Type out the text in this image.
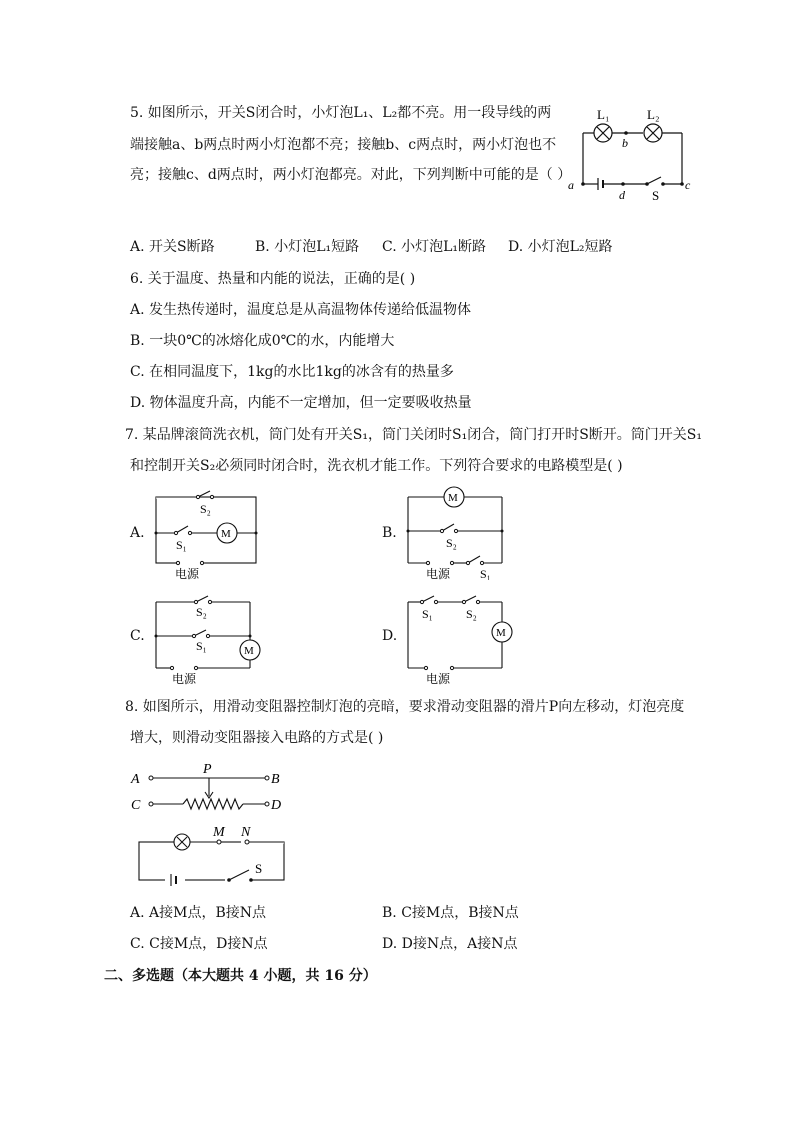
5. 如图所示，开关S闭合时，小灯泡L₁、L₂都不亮。用一段导线的两
端接触a、b两点时两小灯泡都不亮；接触b、c两点时，两小灯泡也不
亮；接触c、d两点时，两小灯泡都亮。对此，下列判断中可能的是（ ）
L₁	L₂
b
a
d S
c
A. 开关S断路	B. 小灯泡L₁短路 C. 小灯泡L₁断路 D. 小灯泡L₂短路
6. 关于温度、热量和内能的说法，正确的是( )
A. 发生热传递时，温度总是从高温物体传递给低温物体
B. 一块0℃的冰熔化成0℃的水，内能增大
C. 在相同温度下，1kg的水比1kg的冰含有的热量多
D. 物体温度升高，内能不一定增加，但一定要吸收热量
7. 某品牌滚筒洗衣机，筒门处有开关S₁，筒门关闭时S₁闭合，筒门打开时S断开。筒门开关S₁
和控制开关S₂必须同时闭合时，洗衣机才能工作。下列符合要求的电路模型是( )
A.	M
S₂
S₁
电源
B.
M
S₂
电源 S₁
C.
M
S₂
S₁
电源
D.	M
S₁	S₂
电源
8. 如图所示，用滑动变阻器控制灯泡的亮暗，要求滑动变阻器的滑片P向左移动，灯泡亮度
增大，则滑动变阻器接入电路的方式是( )
A	B
C	D
P
M N
S
A. A接M点，B接N点	B. C接M点，B接N点
C. C接M点，D接N点	D. D接N点，A接N点
二、多选题（本大题共 4 小题，共 16 分）
